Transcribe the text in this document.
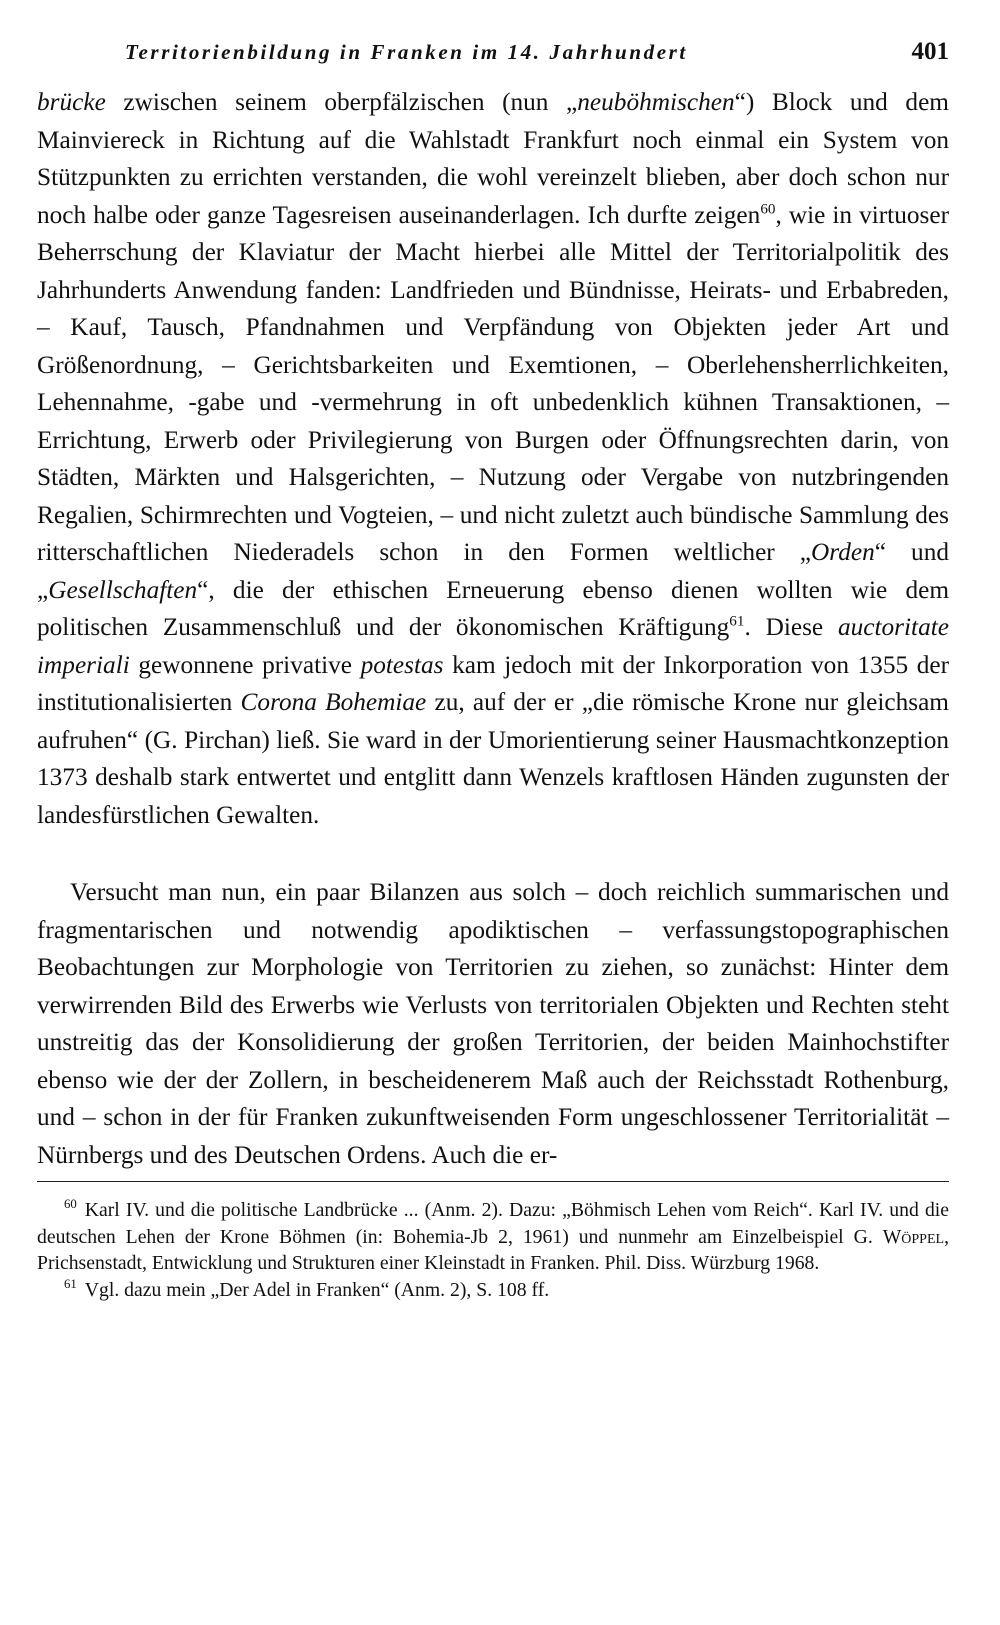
Territorienbildung in Franken im 14. Jahrhundert	401

brücke zwischen seinem oberpfälzischen (nun „neuböhmischen“) Block und dem Mainviereck in Richtung auf die Wahlstadt Frankfurt noch einmal ein System von Stützpunkten zu errichten verstanden, die wohl vereinzelt blieben, aber doch schon nur noch halbe oder ganze Tagesreisen auseinanderlagen. Ich durfte zeigen$^{60}$, wie in virtuoser Beherrschung der Klaviatur der Macht hierbei alle Mittel der Territorialpolitik des Jahrhunderts Anwendung fanden: Landfrieden und Bündnisse, Heirats- und Erbabreden, – Kauf, Tausch, Pfandnahmen und Verpfändung von Objekten jeder Art und Größenordnung, – Gerichtsbarkeiten und Exemtionen, – Oberlehensherrlichkeiten, Lehennahme, -gabe und -vermehrung in oft unbedenklich kühnen Transaktionen, – Errichtung, Erwerb oder Privilegierung von Burgen oder Öffnungsrechten darin, von Städten, Märkten und Halsgerichten, – Nutzung oder Vergabe von nutzbringenden Regalien, Schirmrechten und Vogteien, – und nicht zuletzt auch bündische Sammlung des ritterschaftlichen Niederadels schon in den Formen weltlicher „Orden“ und „Gesellschaften“, die der ethischen Erneuerung ebenso dienen wollten wie dem politischen Zusammenschluß und der ökonomischen Kräftigung$^{61}$. Diese auctoritate imperiali gewonnene privative potestas kam jedoch mit der Inkorporation von 1355 der institutionalisierten Corona Bohemiae zu, auf der er „die römische Krone nur gleichsam aufruhen“ (G. Pirchan) ließ. Sie ward in der Umorientierung seiner Hausmachtkonzeption 1373 deshalb stark entwertet und entglitt dann Wenzels kraftlosen Händen zugunsten der landesfürstlichen Gewalten.

Versucht man nun, ein paar Bilanzen aus solch – doch reichlich summarischen und fragmentarischen und notwendig apodiktischen – verfassungstopographischen Beobachtungen zur Morphologie von Territorien zu ziehen, so zunächst: Hinter dem verwirrenden Bild des Erwerbs wie Verlusts von territorialen Objekten und Rechten steht unstreitig das der Konsolidierung der großen Territorien, der beiden Mainhochstifter ebenso wie der der Zollern, in bescheidenerem Maß auch der Reichsstadt Rothenburg, und – schon in der für Franken zukunftweisenden Form ungeschlossener Territorialität – Nürnbergs und des Deutschen Ordens. Auch die er-

$^{60}$ Karl IV. und die politische Landbrücke ... (Anm. 2). Dazu: „Böhmisch Lehen vom Reich“. Karl IV. und die deutschen Lehen der Krone Böhmen (in: Bohemia-Jb 2, 1961) und nunmehr am Einzelbeispiel G. Wöppel, Prichsenstadt, Entwicklung und Strukturen einer Kleinstadt in Franken. Phil. Diss. Würzburg 1968.

$^{61}$ Vgl. dazu mein „Der Adel in Franken“ (Anm. 2), S. 108 ff.
